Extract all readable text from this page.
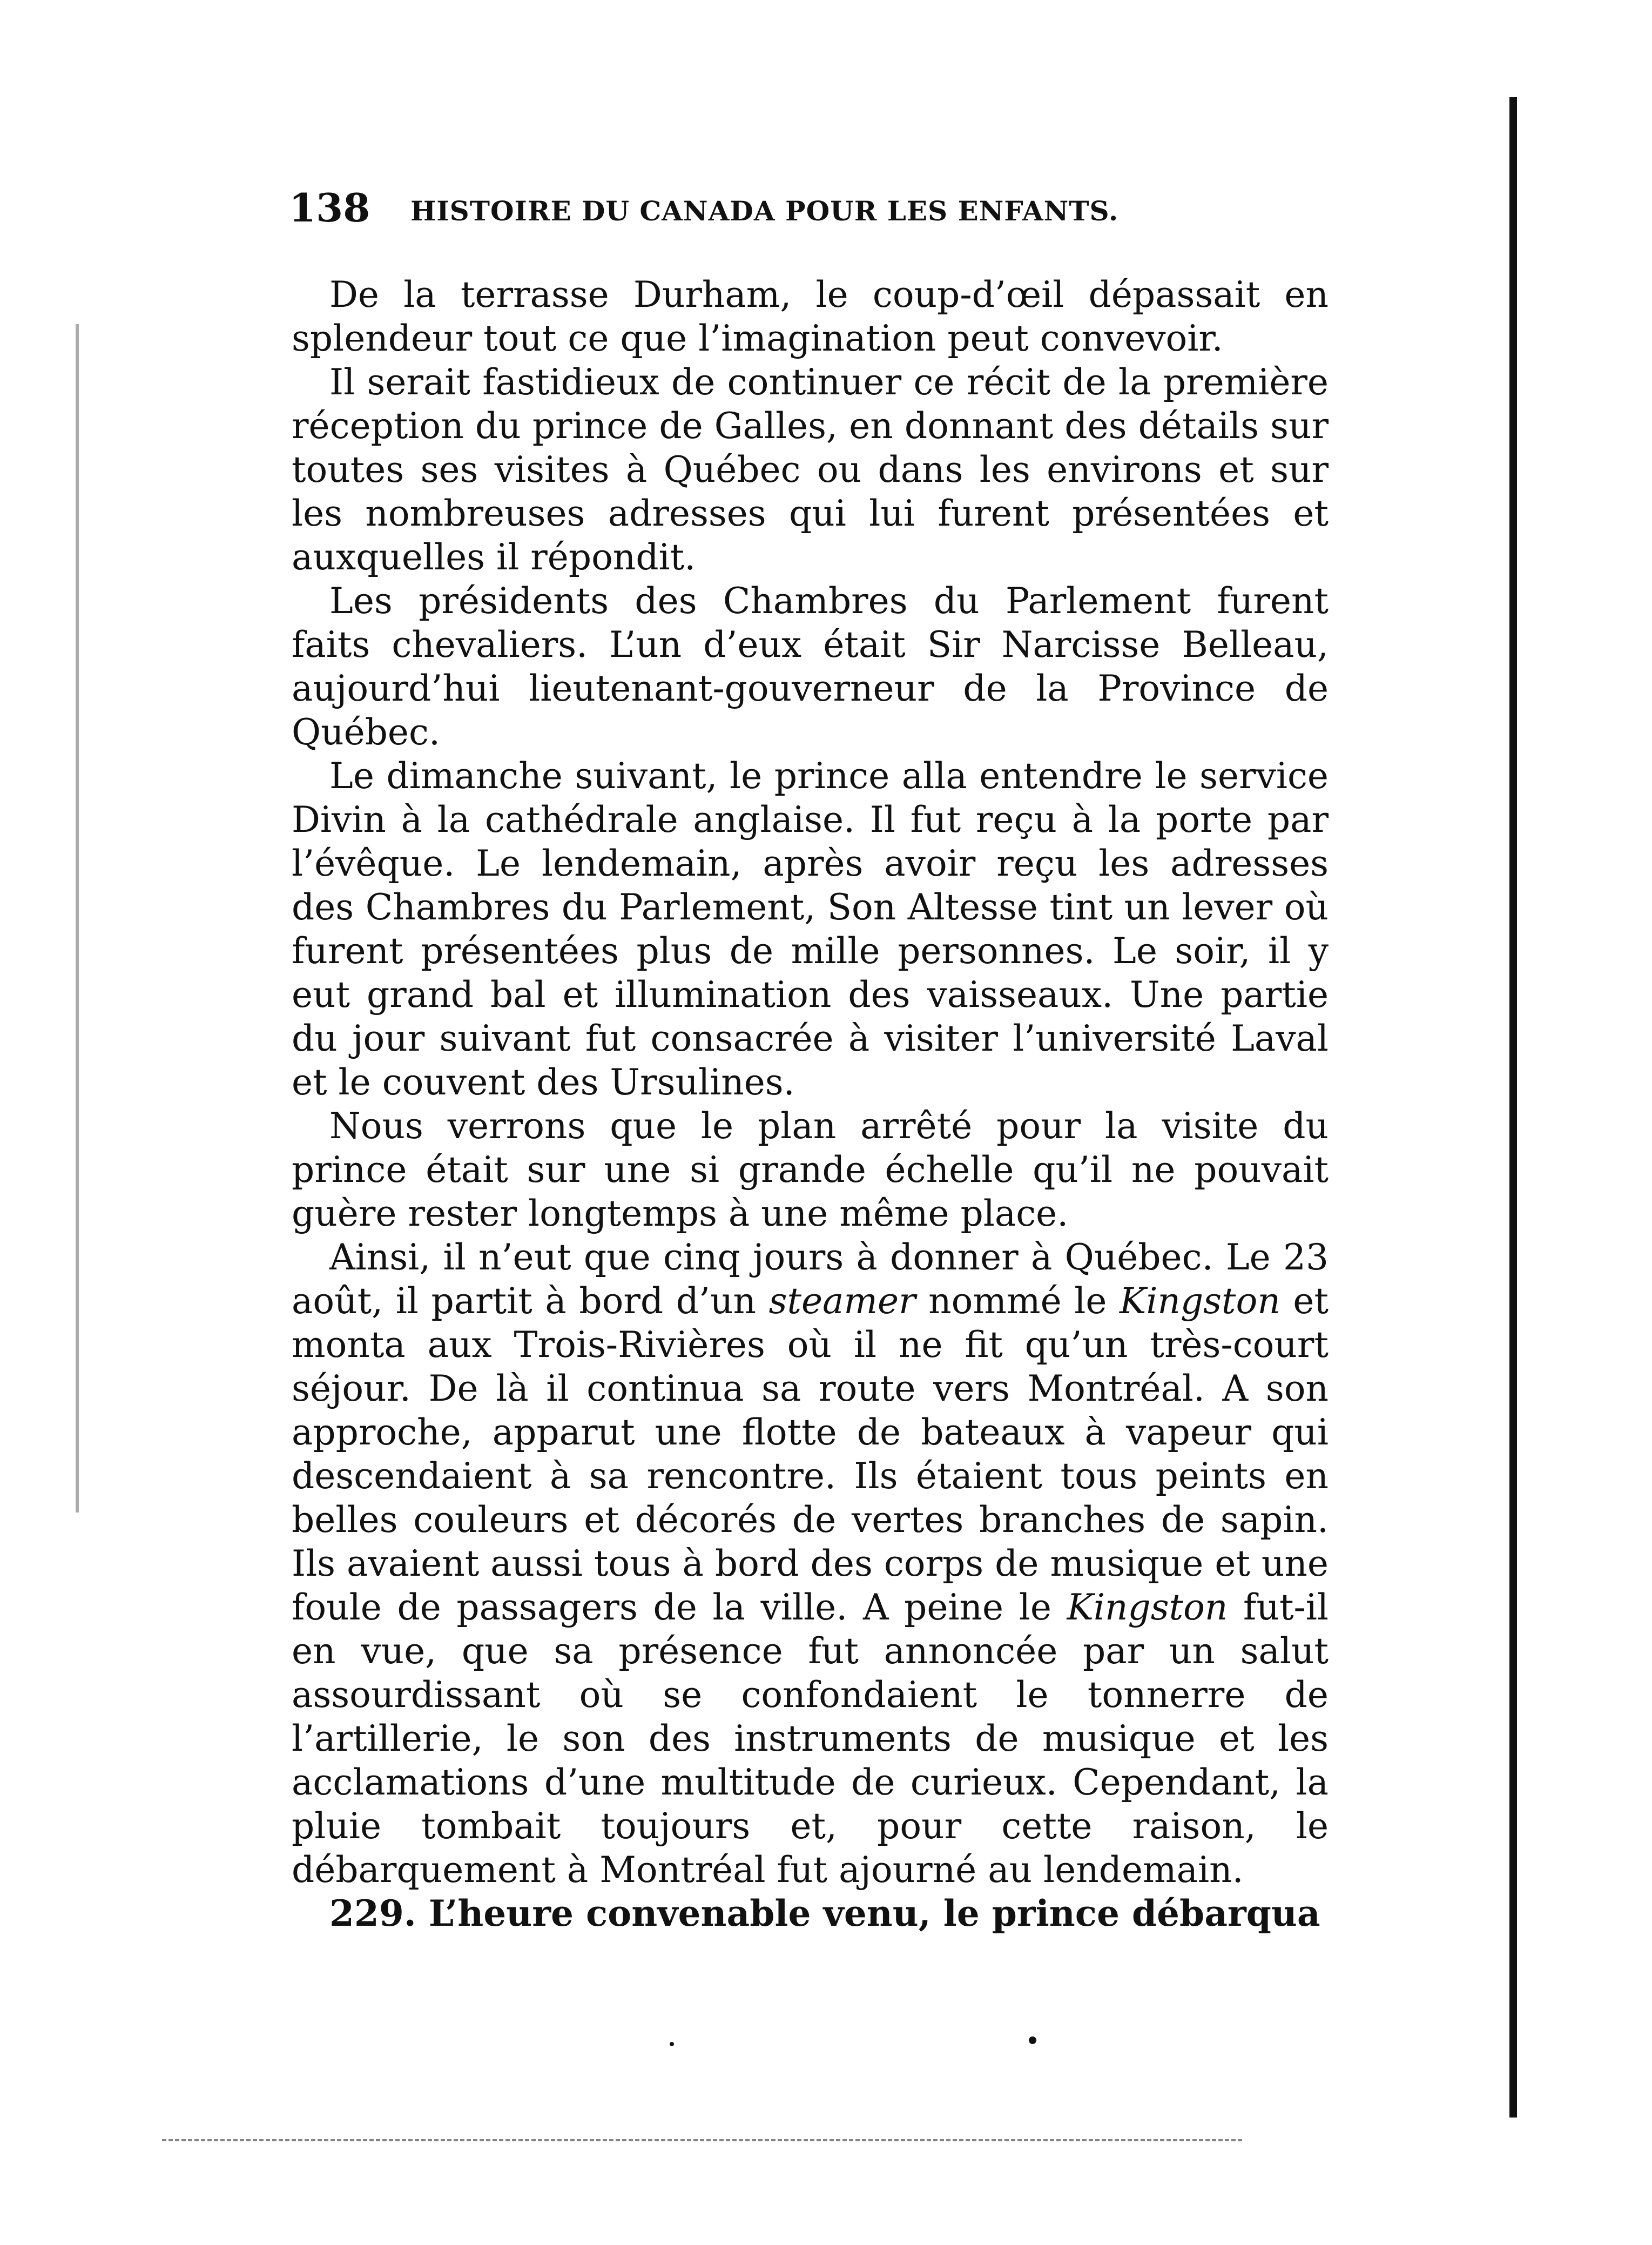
138 HISTOIRE DU CANADA POUR LES ENFANTS.

De la terrasse Durham, le coup-d’œil dépassait en splendeur tout ce que l’imagination peut convevoir.

Il serait fastidieux de continuer ce récit de la première réception du prince de Galles, en donnant des détails sur toutes ses visites à Québec ou dans les environs et sur les nombreuses adresses qui lui furent présentées et auxquelles il répondit.

Les présidents des Chambres du Parlement furent faits chevaliers. L’un d’eux était Sir Narcisse Belleau, aujourd’hui lieutenant-gouverneur de la Province de Québec.

Le dimanche suivant, le prince alla entendre le service Divin à la cathédrale anglaise. Il fut reçu à la porte par l’évêque. Le lendemain, après avoir reçu les adresses des Chambres du Parlement, Son Altesse tint un lever où furent présentées plus de mille personnes. Le soir, il y eut grand bal et illumination des vaisseaux. Une partie du jour suivant fut consacrée à visiter l’université Laval et le couvent des Ursulines.

Nous verrons que le plan arrêté pour la visite du prince était sur une si grande échelle qu’il ne pouvait guère rester longtemps à une même place.

Ainsi, il n’eut que cinq jours à donner à Québec. Le 23 août, il partit à bord d’un steamer nommé le Kingston et monta aux Trois-Rivières où il ne fit qu’un très-court séjour. De là il continua sa route vers Montréal. A son approche, apparut une flotte de bateaux à vapeur qui descendaient à sa rencontre. Ils étaient tous peints en belles couleurs et décorés de vertes branches de sapin. Ils avaient aussi tous à bord des corps de musique et une foule de passagers de la ville. A peine le Kingston fut-il en vue, que sa présence fut annoncée par un salut assourdissant où se confondaient le tonnerre de l’artillerie, le son des instruments de musique et les acclamations d’une multitude de curieux. Cependant, la pluie tombait toujours et, pour cette raison, le débarquement à Montréal fut ajourné au lendemain.

229. L’heure convenable venu, le prince débarqua
